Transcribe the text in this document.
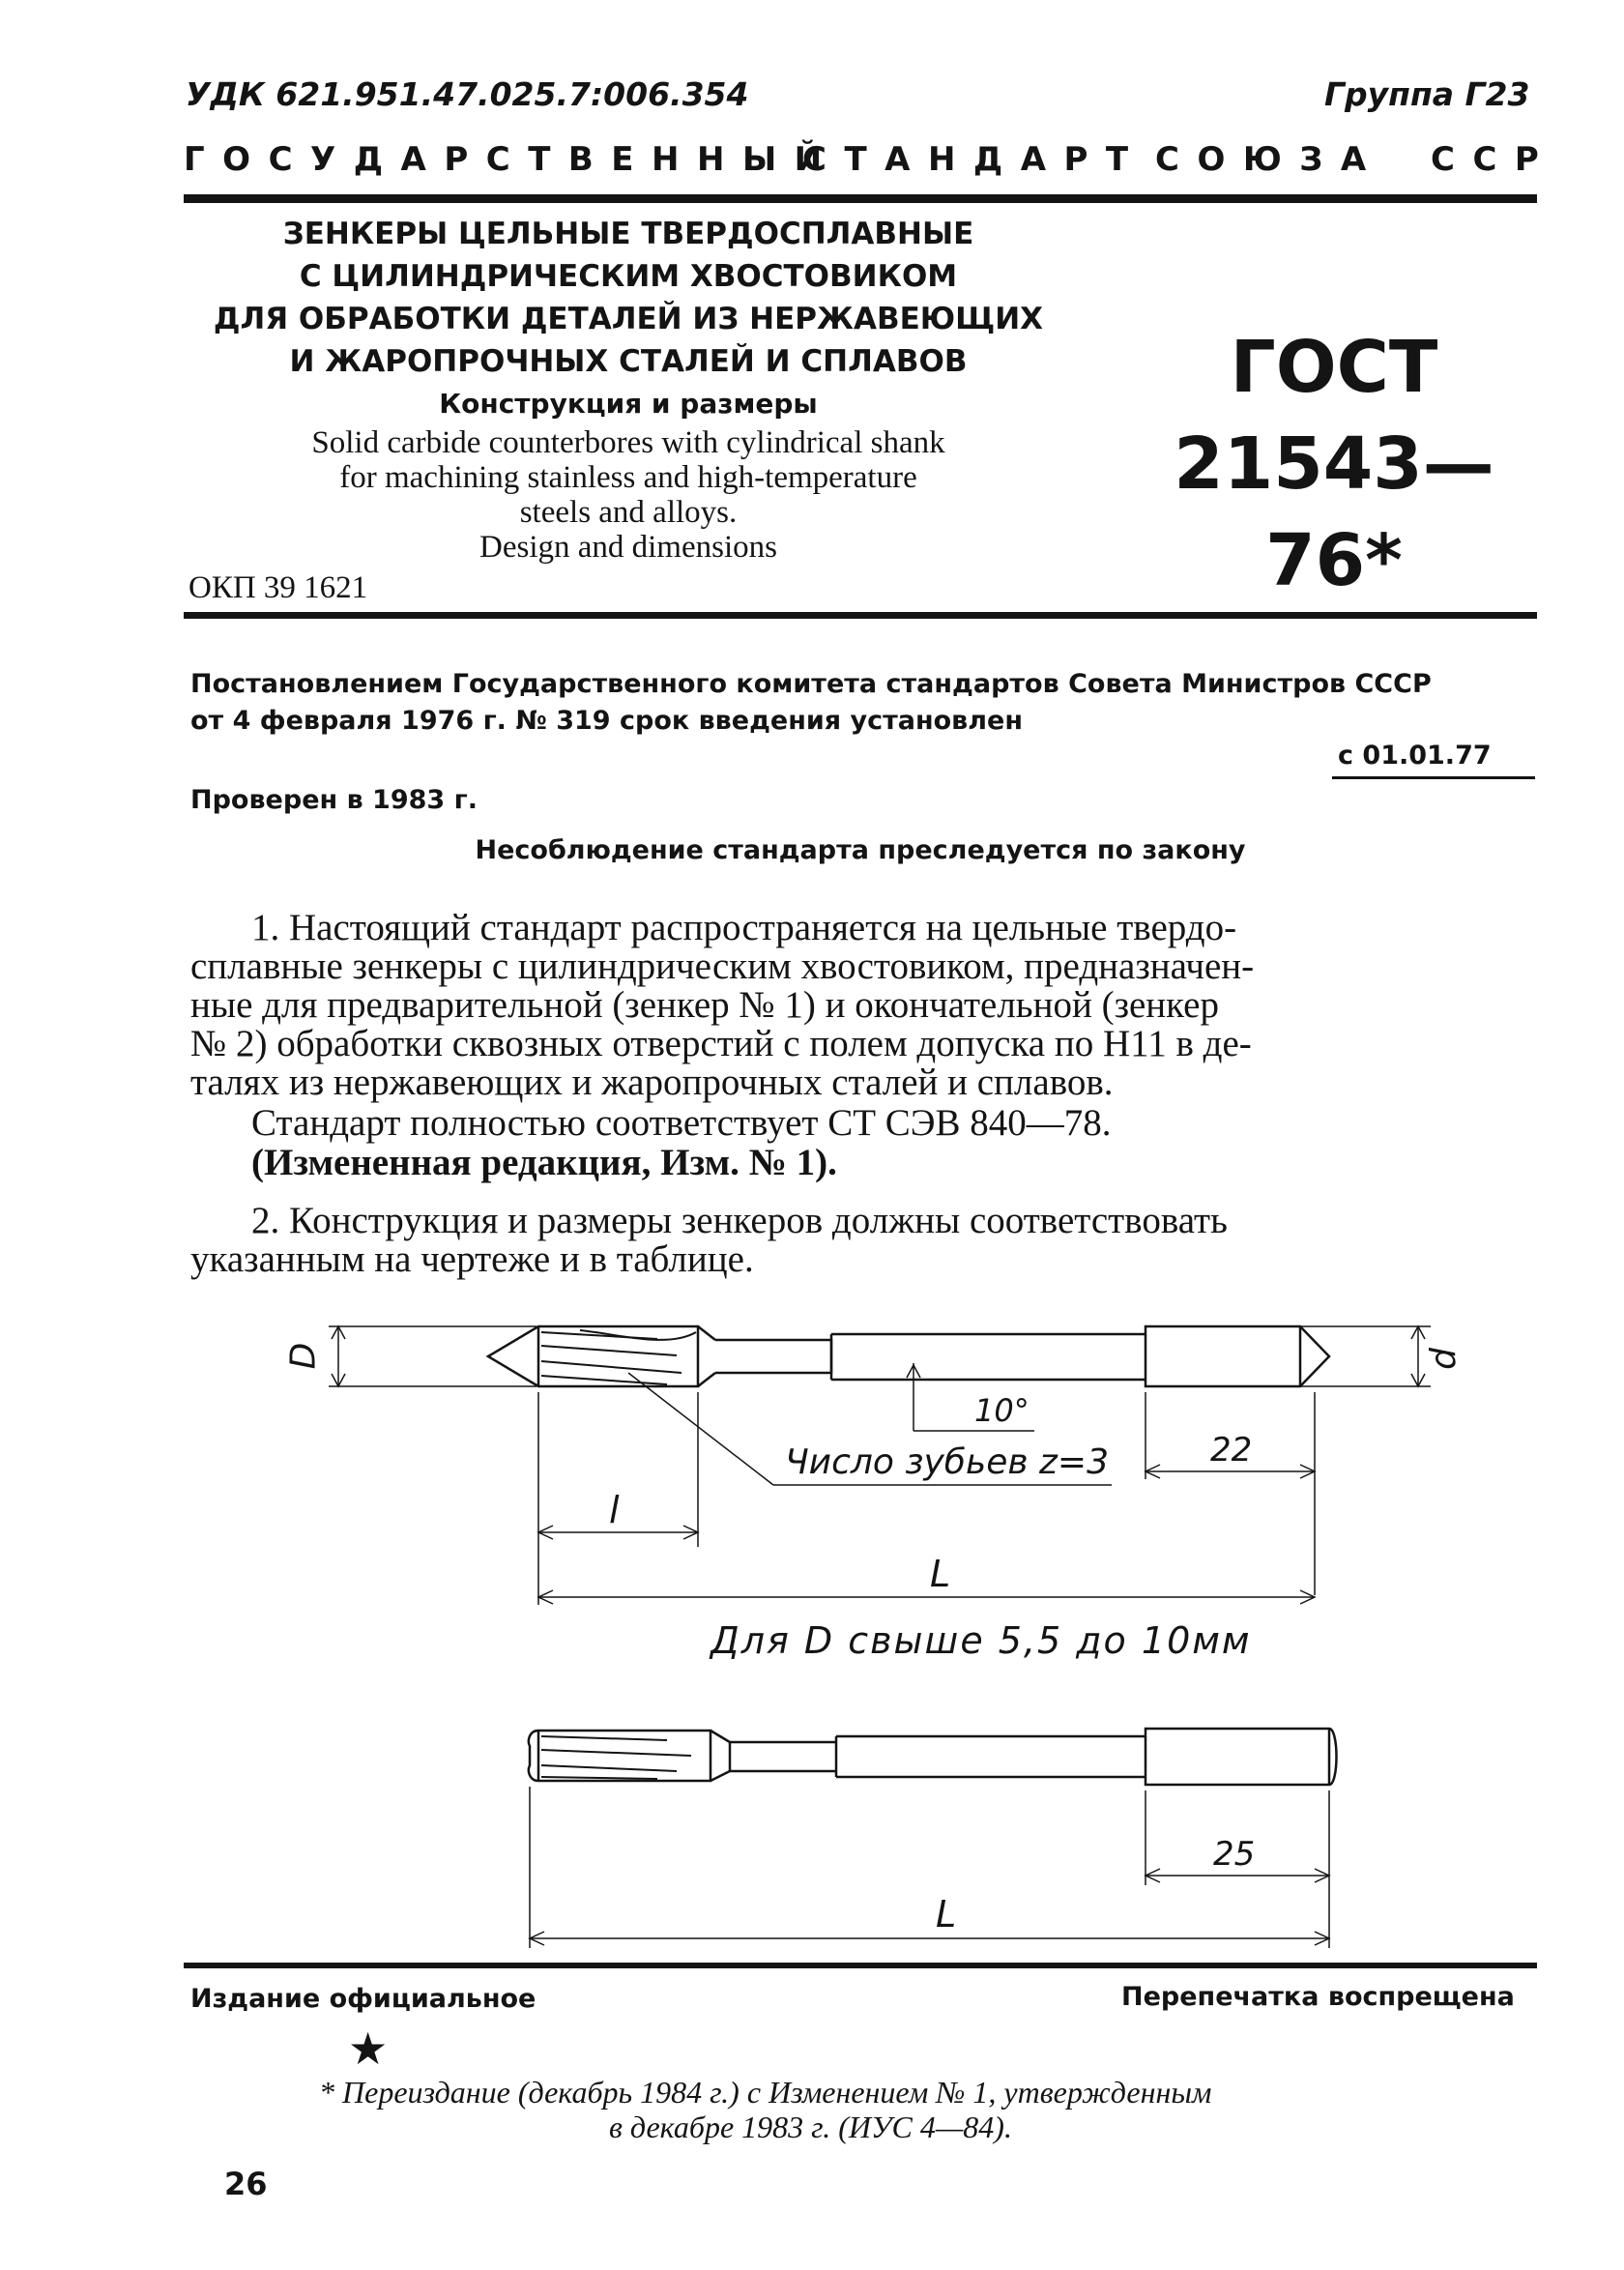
УДК 621.951.47.025.7:006.354	Группа Г23
ГОСУДАРСТВЕННЫЙ
СТАНДАРТ СОЮЗА ССР
ЗЕНКЕРЫ ЦЕЛЬНЫЕ ТВЕРДОСПЛАВНЫЕ
С ЦИЛИНДРИЧЕСКИМ ХВОСТОВИКОМ
ДЛЯ ОБРАБОТКИ ДЕТАЛЕЙ ИЗ НЕРЖАВЕЮЩИХ
И ЖАРОПРОЧНЫХ СТАЛЕЙ И СПЛАВОВ
Конструкция и размеры
Solid carbide counterbores with cylindrical shank
for machining stainless and high-temperature
steels and alloys.
Design and dimensions
ОКП 39 1621
ГОСТ
21543—76*
Постановлением Государственного комитета стандартов Совета Министров СССР
от 4 февраля 1976 г. № 319 срок введения установлен
с 01.01.77
Проверен в 1983 г.
Несоблюдение стандарта преследуется по закону
1. Настоящий стандарт распространяется на цельные твердо-
сплавные зенкеры с цилиндрическим хвостовиком, предназначен-
ные для предварительной (зенкер № 1) и окончательной (зенкер
№ 2) обработки сквозных отверстий с полем допуска по Н11 в де-
талях из нержавеющих и жаропрочных сталей и сплавов.
Стандарт полностью соответствует СТ СЭВ 840—78.
(Измененная редакция, Изм. № 1).
2. Конструкция и размеры зенкеров должны соответствовать
указанным на чертеже и в таблице.
D	d
10°
Число зубьев z=3	22
l
L
Для D свыше 5,5 до 10мм
25
L
Издание официальное	Перепечатка воспрещена
★
* Переиздание (декабрь 1984 г.) с Изменением № 1, утвержденным
в декабре 1983 г. (ИУС 4—84).
26
